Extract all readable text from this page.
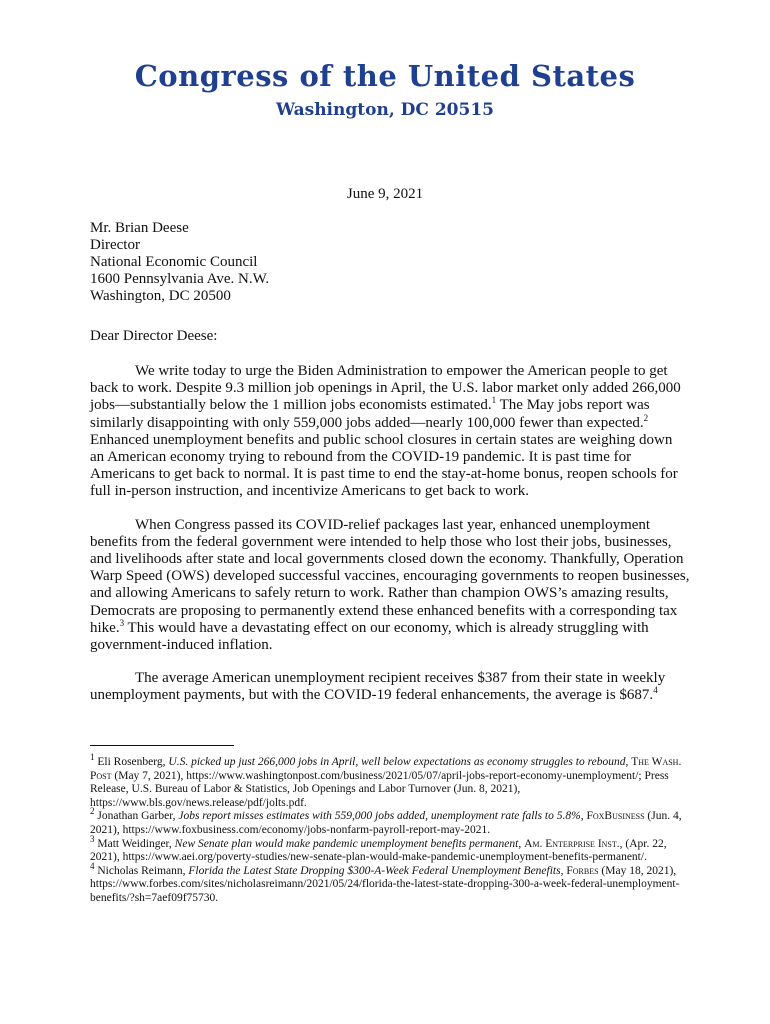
Congress of the United States
Washington, DC 20515
June 9, 2021
Mr. Brian Deese
Director
National Economic Council
1600 Pennsylvania Ave. N.W.
Washington, DC 20500
Dear Director Deese:

We write today to urge the Biden Administration to empower the American people to get back to work. Despite 9.3 million job openings in April, the U.S. labor market only added 266,000 jobs—substantially below the 1 million jobs economists estimated.$^1$ The May jobs report was similarly disappointing with only 559,000 jobs added—nearly 100,000 fewer than expected.$^2$ Enhanced unemployment benefits and public school closures in certain states are weighing down an American economy trying to rebound from the COVID-19 pandemic. It is past time for Americans to get back to normal. It is past time to end the stay-at-home bonus, reopen schools for full in-person instruction, and incentivize Americans to get back to work.

When Congress passed its COVID-relief packages last year, enhanced unemployment benefits from the federal government were intended to help those who lost their jobs, businesses, and livelihoods after state and local governments closed down the economy. Thankfully, Operation Warp Speed (OWS) developed successful vaccines, encouraging governments to reopen businesses, and allowing Americans to safely return to work. Rather than champion OWS’s amazing results, Democrats are proposing to permanently extend these enhanced benefits with a corresponding tax hike.$^3$ This would have a devastating effect on our economy, which is already struggling with government-induced inflation.

The average American unemployment recipient receives $387 from their state in weekly unemployment payments, but with the COVID-19 federal enhancements, the average is $687.$^4$

$^1$ Eli Rosenberg, U.S. picked up just 266,000 jobs in April, well below expectations as economy struggles to rebound, The Wash. Post (May 7, 2021), https://www.washingtonpost.com/business/2021/05/07/april-jobs-report-economy-unemployment/; Press Release, U.S. Bureau of Labor & Statistics, Job Openings and Labor Turnover (Jun. 8, 2021), https://www.bls.gov/news.release/pdf/jolts.pdf.

$^2$ Jonathan Garber, Jobs report misses estimates with 559,000 jobs added, unemployment rate falls to 5.8%, FoxBusiness (Jun. 4, 2021), https://www.foxbusiness.com/economy/jobs-nonfarm-payroll-report-may-2021.

$^3$ Matt Weidinger, New Senate plan would make pandemic unemployment benefits permanent, Am. Enterprise Inst., (Apr. 22, 2021), https://www.aei.org/poverty-studies/new-senate-plan-would-make-pandemic-unemployment-benefits-permanent/.

$^4$ Nicholas Reimann, Florida the Latest State Dropping $300-A-Week Federal Unemployment Benefits, Forbes (May 18, 2021), https://www.forbes.com/sites/nicholasreimann/2021/05/24/florida-the-latest-state-dropping-300-a-week-federal-unemployment-benefits/?sh=7aef09f75730.
